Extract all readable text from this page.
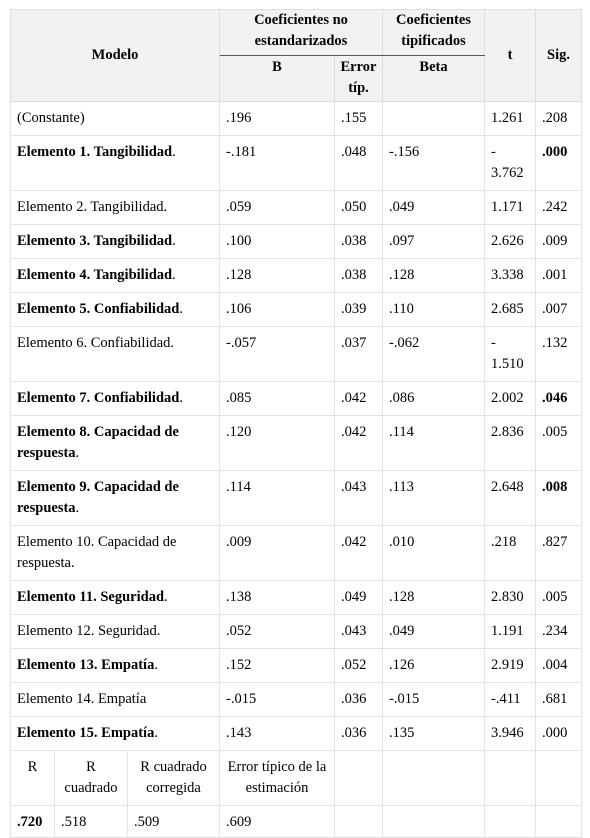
Modelo			Coeficientes no estandarizados		Coeficientes tipificados	t	Sig.
			B	Error típ.	Beta		
(Constante)			.196	.155		1.261	.208
Elemento 1. Tangibilidad.			-.181	.048	-.156	- 3.762	.000
Elemento 2. Tangibilidad.			.059	.050	.049	1.171	.242
Elemento 3. Tangibilidad.			.100	.038	.097	2.626	.009
Elemento 4. Tangibilidad.			.128	.038	.128	3.338	.001
Elemento 5. Confiabilidad.			.106	.039	.110	2.685	.007
Elemento 6. Confiabilidad.			-.057	.037	-.062	- 1.510	.132
Elemento 7. Confiabilidad.			.085	.042	.086	2.002	.046
Elemento 8. Capacidad de respuesta.			.120	.042	.114	2.836	.005
Elemento 9. Capacidad de respuesta.			.114	.043	.113	2.648	.008
Elemento 10. Capacidad de respuesta.			.009	.042	.010	.218	.827
Elemento 11. Seguridad.			.138	.049	.128	2.830	.005
Elemento 12. Seguridad.			.052	.043	.049	1.191	.234
Elemento 13. Empatía.			.152	.052	.126	2.919	.004
Elemento 14. Empatía			-.015	.036	-.015	-.411	.681
Elemento 15. Empatía.			.143	.036	.135	3.946	.000
R	R cuadrado	R cuadrado corregida	Error típico de la estimación				
.720	.518	.509	.609				
